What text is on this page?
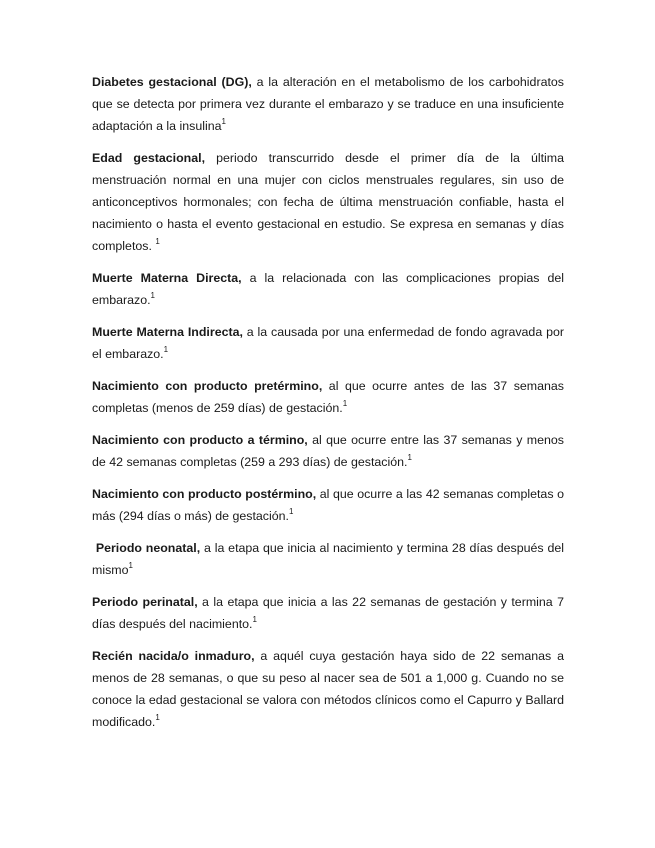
Diabetes gestacional (DG), a la alteración en el metabolismo de los carbohidratos que se detecta por primera vez durante el embarazo y se traduce en una insuficiente adaptación a la insulina$^1$

Edad gestacional, periodo transcurrido desde el primer día de la última menstruación normal en una mujer con ciclos menstruales regulares, sin uso de anticonceptivos hormonales; con fecha de última menstruación confiable, hasta el nacimiento o hasta el evento gestacional en estudio. Se expresa en semanas y días completos. $^1$

Muerte Materna Directa, a la relacionada con las complicaciones propias del embarazo.$^1$

Muerte Materna Indirecta, a la causada por una enfermedad de fondo agravada por el embarazo.$^1$

Nacimiento con producto pretérmino, al que ocurre antes de las 37 semanas completas (menos de 259 días) de gestación.$^1$

Nacimiento con producto a término, al que ocurre entre las 37 semanas y menos de 42 semanas completas (259 a 293 días) de gestación.$^1$

Nacimiento con producto postérmino, al que ocurre a las 42 semanas completas o más (294 días o más) de gestación.$^1$

Periodo neonatal, a la etapa que inicia al nacimiento y termina 28 días después del mismo$^1$

Periodo perinatal, a la etapa que inicia a las 22 semanas de gestación y termina 7 días después del nacimiento.$^1$

Recién nacida/o inmaduro, a aquél cuya gestación haya sido de 22 semanas a menos de 28 semanas, o que su peso al nacer sea de 501 a 1,000 g. Cuando no se conoce la edad gestacional se valora con métodos clínicos como el Capurro y Ballard modificado.$^1$
